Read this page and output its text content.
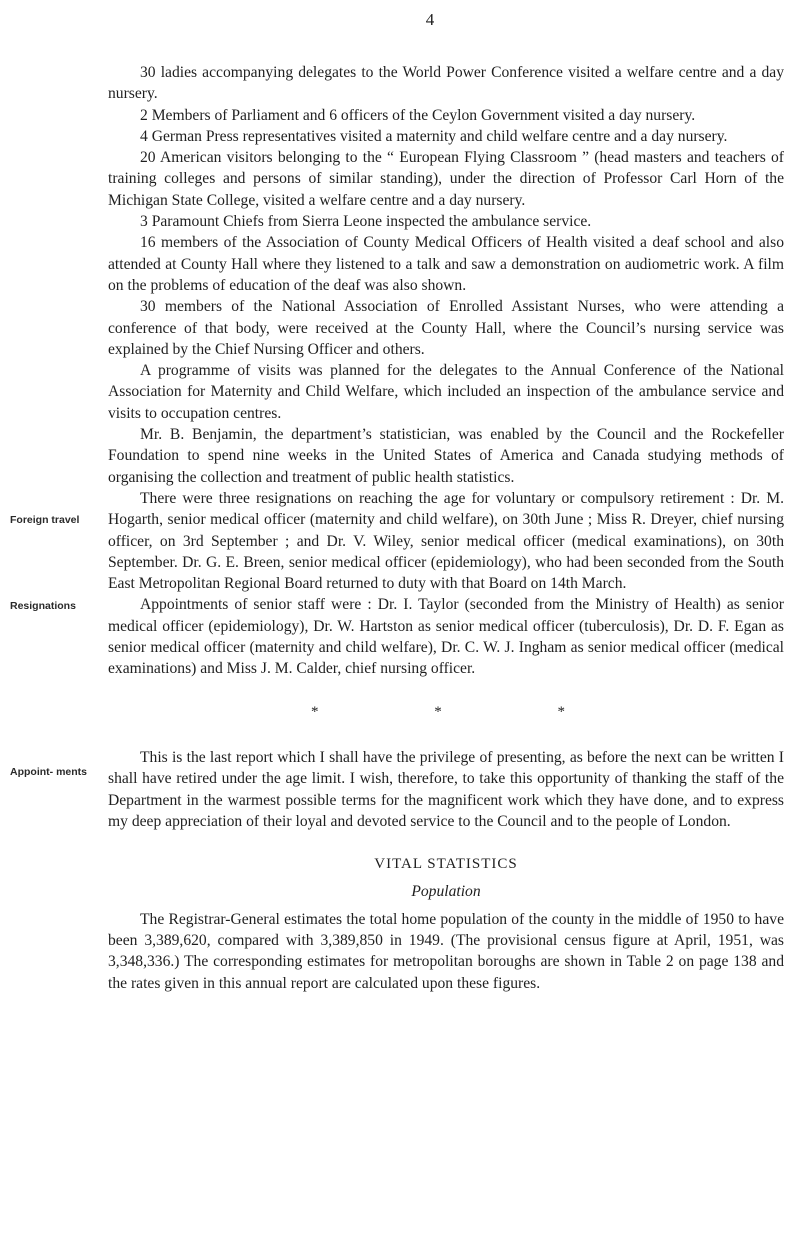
4
Foreign travel
Resignations
Appoint- ments

30 ladies accompanying delegates to the World Power Conference visited a welfare centre and a day nursery.

2 Members of Parliament and 6 officers of the Ceylon Government visited a day nursery.

4 German Press representatives visited a maternity and child welfare centre and a day nursery.

20 American visitors belonging to the “ European Flying Classroom ” (head masters and teachers of training colleges and persons of similar standing), under the direction of Professor Carl Horn of the Michigan State College, visited a welfare centre and a day nursery.

3 Paramount Chiefs from Sierra Leone inspected the ambulance service.

16 members of the Association of County Medical Officers of Health visited a deaf school and also attended at County Hall where they listened to a talk and saw a demonstration on audiometric work. A film on the problems of education of the deaf was also shown.

30 members of the National Association of Enrolled Assistant Nurses, who were attending a conference of that body, were received at the County Hall, where the Council’s nursing service was explained by the Chief Nursing Officer and others.

A programme of visits was planned for the delegates to the Annual Conference of the National Association for Maternity and Child Welfare, which included an inspection of the ambulance service and visits to occupation centres.

Mr. B. Benjamin, the department’s statistician, was enabled by the Council and the Rockefeller Foundation to spend nine weeks in the United States of America and Canada studying methods of organising the collection and treatment of public health statistics.

There were three resignations on reaching the age for voluntary or compulsory retirement : Dr. M. Hogarth, senior medical officer (maternity and child welfare), on 30th June ; Miss R. Dreyer, chief nursing officer, on 3rd September ; and Dr. V. Wiley, senior medical officer (medical examinations), on 30th September. Dr. G. E. Breen, senior medical officer (epidemiology), who had been seconded from the South East Metropolitan Regional Board returned to duty with that Board on 14th March.

Appointments of senior staff were : Dr. I. Taylor (seconded from the Ministry of Health) as senior medical officer (epidemiology), Dr. W. Hartston as senior medical officer (tuberculosis), Dr. D. F. Egan as senior medical officer (maternity and child welfare), Dr. C. W. J. Ingham as senior medical officer (medical examinations) and Miss J. M. Calder, chief nursing officer.

* * *

This is the last report which I shall have the privilege of presenting, as before the next can be written I shall have retired under the age limit. I wish, therefore, to take this opportunity of thanking the staff of the Department in the warmest possible terms for the magnificent work which they have done, and to express my deep appreciation of their loyal and devoted service to the Council and to the people of London.

VITAL STATISTICS
Population

The Registrar-General estimates the total home population of the county in the middle of 1950 to have been 3,389,620, compared with 3,389,850 in 1949. (The provisional census figure at April, 1951, was 3,348,336.) The corresponding estimates for metropolitan boroughs are shown in Table 2 on page 138 and the rates given in this annual report are calculated upon these figures.
